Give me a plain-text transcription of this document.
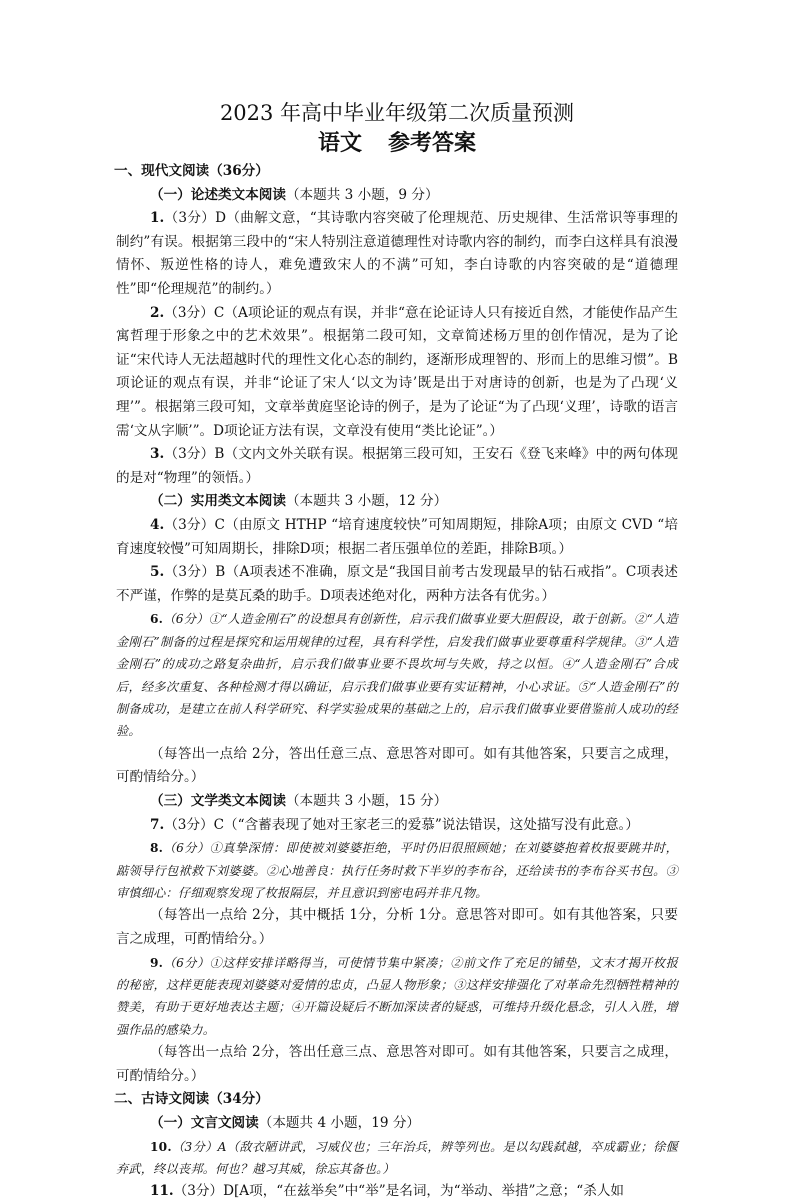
2023 年高中毕业年级第二次质量预测
语文 参考答案
一、现代文阅读（36分）
（一）论述类文本阅读（本题共 3 小题，9 分）
1.（3分）D（曲解文意，“其诗歌内容突破了伦理规范、历史规律、生活常识等事理的制约”有误。根据第三段中的“宋人特别注意道德理性对诗歌内容的制约，而李白这样具有浪漫情怀、叛逆性格的诗人，难免遭致宋人的不满”可知，李白诗歌的内容突破的是“道德理性”即“伦理规范”的制约。）
2.（3分）C（A项论证的观点有误，并非“意在论证诗人只有接近自然，才能使作品产生寓哲理于形象之中的艺术效果”。根据第二段可知，文章简述杨万里的创作情况，是为了论证“宋代诗人无法超越时代的理性文化心态的制约，逐渐形成理智的、形而上的思维习惯”。B项论证的观点有误，并非“论证了宋人‘以文为诗’既是出于对唐诗的创新，也是为了凸现‘义理’”。根据第三段可知，文章举黄庭坚论诗的例子，是为了论证“为了凸现‘义理’，诗歌的语言需‘文从字顺’”。D项论证方法有误，文章没有使用“类比论证”。）
3.（3分）B（文内文外关联有误。根据第三段可知，王安石《登飞来峰》中的两句体现的是对“物理”的领悟。）
（二）实用类文本阅读（本题共 3 小题，12 分）
4.（3分）C（由原文 HTHP “培育速度较快”可知周期短，排除A项；由原文 CVD “培育速度较慢”可知周期长，排除D项；根据二者压强单位的差距，排除B项。）
5.（3分）B（A项表述不准确，原文是“我国目前考古发现最早的钻石戒指”。C项表述不严谨，作弊的是莫瓦桑的助手。D项表述绝对化，两种方法各有优劣。）
6.（6分）①“人造金刚石”的设想具有创新性，启示我们做事业要大胆假设，敢于创新。②“人造金刚石”制备的过程是探究和运用规律的过程，具有科学性，启发我们做事业要尊重科学规律。③“人造金刚石”的成功之路复杂曲折，启示我们做事业要不畏坎坷与失败，持之以恒。④“人造金刚石”合成后，经多次重复、各种检测才得以确证，启示我们做事业要有实证精神，小心求证。⑤“人造金刚石”的制备成功，是建立在前人科学研究、科学实验成果的基础之上的，启示我们做事业要借鉴前人成功的经验。
（每答出一点给 2分，答出任意三点、意思答对即可。如有其他答案，只要言之成理，可酌情给分。）
（三）文学类文本阅读（本题共 3 小题，15 分）
7.（3分）C（“含蓄表现了她对王家老三的爱慕”说法错误，这处描写没有此意。）
8.（6分）①真挚深情：即使被刘婆婆拒绝，平时仍旧很照顾她；在刘婆婆抱着枚报要跳井时，踮领导行包袱救下刘婆婆。②心地善良：执行任务时救下半岁的李布谷，还给读书的李布谷买书包。③审慎细心：仔细观察发现了枚报隔层，并且意识到密电码并非凡物。
（每答出一点给 2分，其中概括 1分，分析 1分。意思答对即可。如有其他答案，只要言之成理，可酌情给分。）
9.（6分）①这样安排详略得当，可使情节集中紧凑；②前文作了充足的铺垫，文末才揭开枚报的秘密，这样更能表现刘婆婆对爱情的忠贞，凸显人物形象；③这样安排强化了对革命先烈牺牲精神的赞美，有助于更好地表达主题；④开篇设疑后不断加深读者的疑惑，可维持升级化悬念，引人入胜，增强作品的感染力。
（每答出一点给 2分，答出任意三点、意思答对即可。如有其他答案，只要言之成理，可酌情给分。）
二、古诗文阅读（34分）
（一）文言文阅读（本题共 4 小题，19 分）
10.（3分）A（敌衣陋讲武，习威仪也；三年治兵，辨等列也。是以勾践弑越，卒成霸业；徐偃弃武，终以丧邦。何也？越习其威，徐忘其备也。）
11.（3分）D[A项，“在兹举矣”中“举”是名词，为“举动、举措”之意；“杀人如
